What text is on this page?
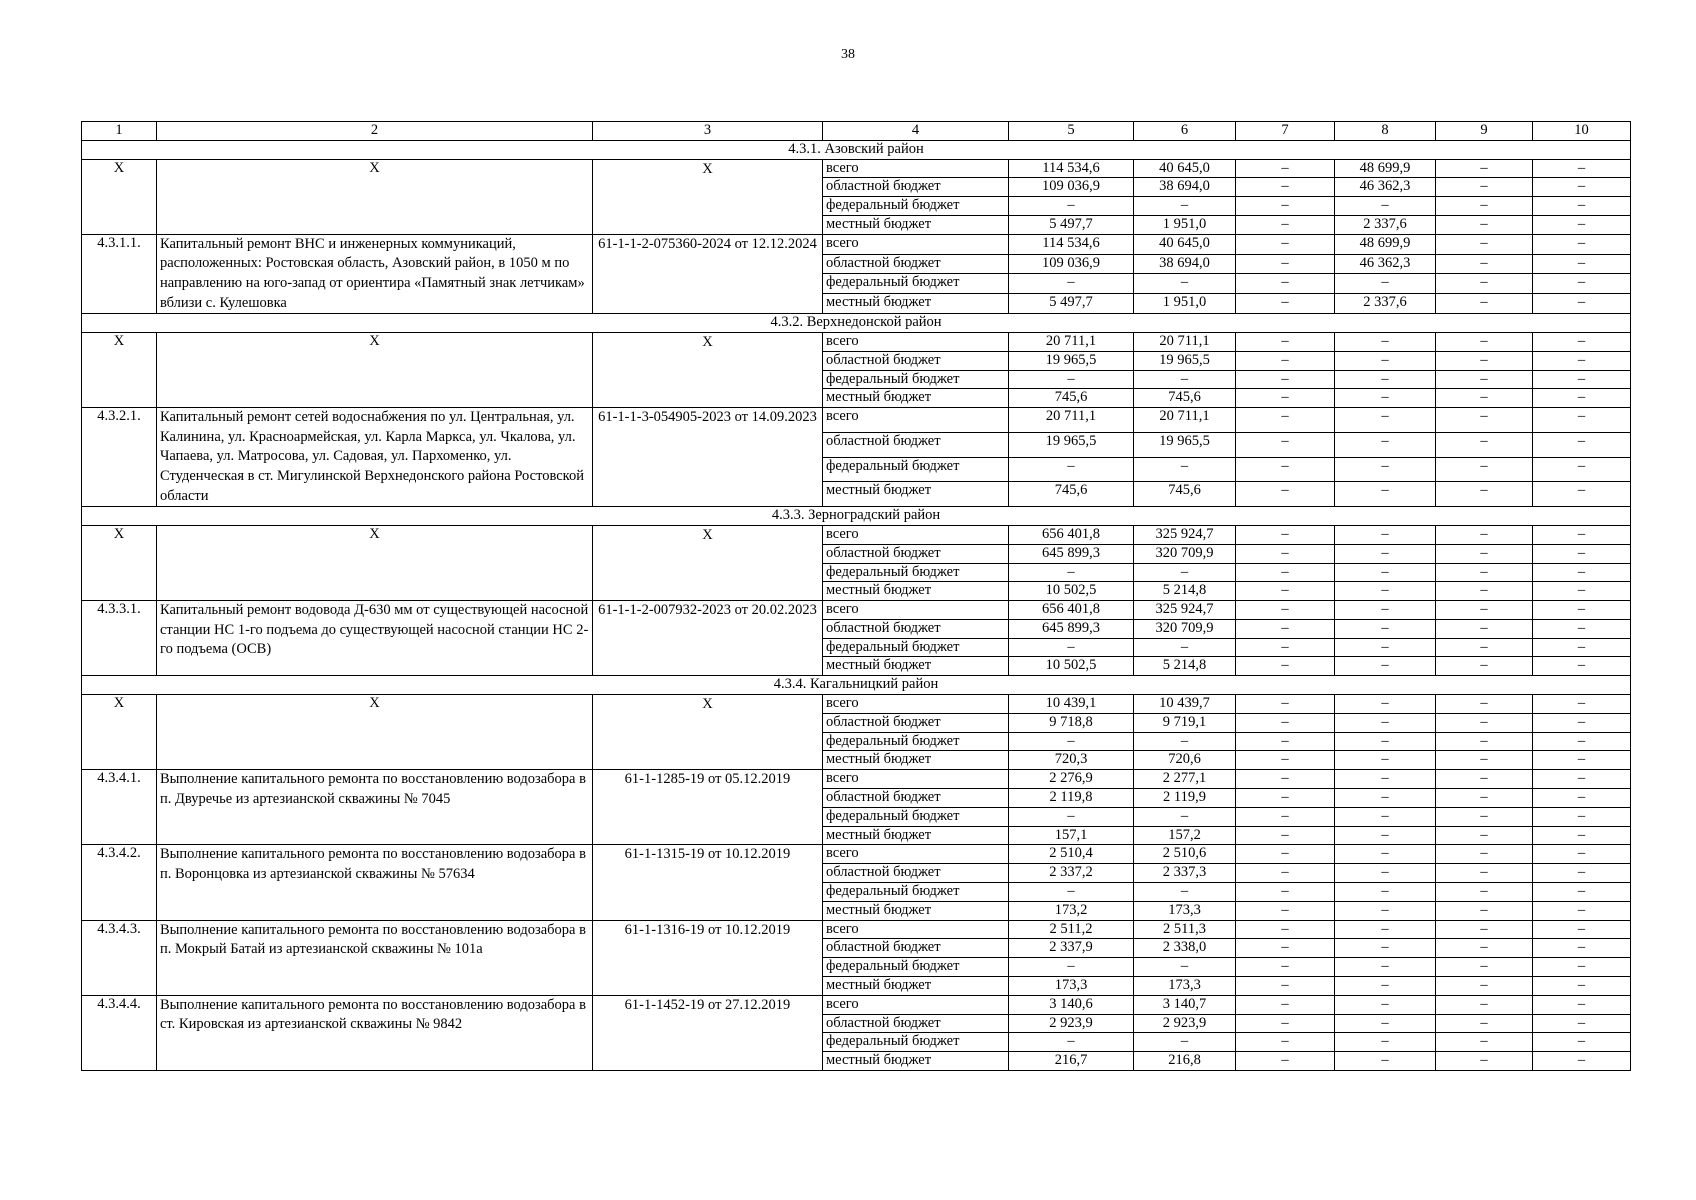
38
1	2	3	4	5	6	7	8	9	10
4.3.1. Азовский район									
X	X	X	всего	114 534,6	40 645,0	–	48 699,9	–	–
			областной бюджет	109 036,9	38 694,0	–	46 362,3	–	–
			федеральный бюджет	–	–	–	–	–	–
			местный бюджет	5 497,7	1 951,0	–	2 337,6	–	–
4.3.1.1.	Капитальный ремонт ВНС и инженерных коммуникаций, расположенных: Ростовская область, Азовский район, в 1050 м по направлению на юго-запад от ориентира «Памятный знак летчикам» вблизи с. Кулешовка	61-1-1-2-075360-2024 от 12.12.2024	всего	114 534,6	40 645,0	–	48 699,9	–	–
			областной бюджет	109 036,9	38 694,0	–	46 362,3	–	–
			федеральный бюджет	–	–	–	–	–	–
			местный бюджет	5 497,7	1 951,0	–	2 337,6	–	–
4.3.2. Верхнедонской район									
X	X	X	всего	20 711,1	20 711,1	–	–	–	–
			областной бюджет	19 965,5	19 965,5	–	–	–	–
			федеральный бюджет	–	–	–	–	–	–
			местный бюджет	745,6	745,6	–	–	–	–
4.3.2.1.	Капитальный ремонт сетей водоснабжения по ул. Центральная, ул. Калинина, ул. Красноармейская, ул. Карла Маркса, ул. Чкалова, ул. Чапаева, ул. Матросова, ул. Садовая, ул. Пархоменко, ул. Студенческая в ст. Мигулинской Верхнедонского района Ростовской области	61-1-1-3-054905-2023 от 14.09.2023	всего	20 711,1	20 711,1	–	–	–	–
			областной бюджет	19 965,5	19 965,5	–	–	–	–
			федеральный бюджет	–	–	–	–	–	–
			местный бюджет	745,6	745,6	–	–	–	–
4.3.3. Зерноградский район									
X	X	X	всего	656 401,8	325 924,7	–	–	–	–
			областной бюджет	645 899,3	320 709,9	–	–	–	–
			федеральный бюджет	–	–	–	–	–	–
			местный бюджет	10 502,5	5 214,8	–	–	–	–
4.3.3.1.	Капитальный ремонт водовода Д-630 мм от существующей насосной станции НС 1-го подъема до существующей насосной станции НС 2-го подъема (ОСВ)	61-1-1-2-007932-2023 от 20.02.2023	всего	656 401,8	325 924,7	–	–	–	–
			областной бюджет	645 899,3	320 709,9	–	–	–	–
			федеральный бюджет	–	–	–	–	–	–
			местный бюджет	10 502,5	5 214,8	–	–	–	–
4.3.4. Кагальницкий район									
X	X	X	всего	10 439,1	10 439,7	–	–	–	–
			областной бюджет	9 718,8	9 719,1	–	–	–	–
			федеральный бюджет	–	–	–	–	–	–
			местный бюджет	720,3	720,6	–	–	–	–
4.3.4.1.	Выполнение капитального ремонта по восстановлению водозабора в п. Двуречье из артезианской скважины № 7045	61-1-1285-19 от 05.12.2019	всего	2 276,9	2 277,1	–	–	–	–
			областной бюджет	2 119,8	2 119,9	–	–	–	–
			федеральный бюджет	–	–	–	–	–	–
			местный бюджет	157,1	157,2	–	–	–	–
4.3.4.2.	Выполнение капитального ремонта по восстановлению водозабора в п. Воронцовка из артезианской скважины № 57634	61-1-1315-19 от 10.12.2019	всего	2 510,4	2 510,6	–	–	–	–
			областной бюджет	2 337,2	2 337,3	–	–	–	–
			федеральный бюджет	–	–	–	–	–	–
			местный бюджет	173,2	173,3	–	–	–	–
4.3.4.3.	Выполнение капитального ремонта по восстановлению водозабора в п. Мокрый Батай из артезианской скважины № 101а	61-1-1316-19 от 10.12.2019	всего	2 511,2	2 511,3	–	–	–	–
			областной бюджет	2 337,9	2 338,0	–	–	–	–
			федеральный бюджет	–	–	–	–	–	–
			местный бюджет	173,3	173,3	–	–	–	–
4.3.4.4.	Выполнение капитального ремонта по восстановлению водозабора в ст. Кировская из артезианской скважины № 9842	61-1-1452-19 от 27.12.2019	всего	3 140,6	3 140,7	–	–	–	–
			областной бюджет	2 923,9	2 923,9	–	–	–	–
			федеральный бюджет	–	–	–	–	–	–
			местный бюджет	216,7	216,8	–	–	–	–
